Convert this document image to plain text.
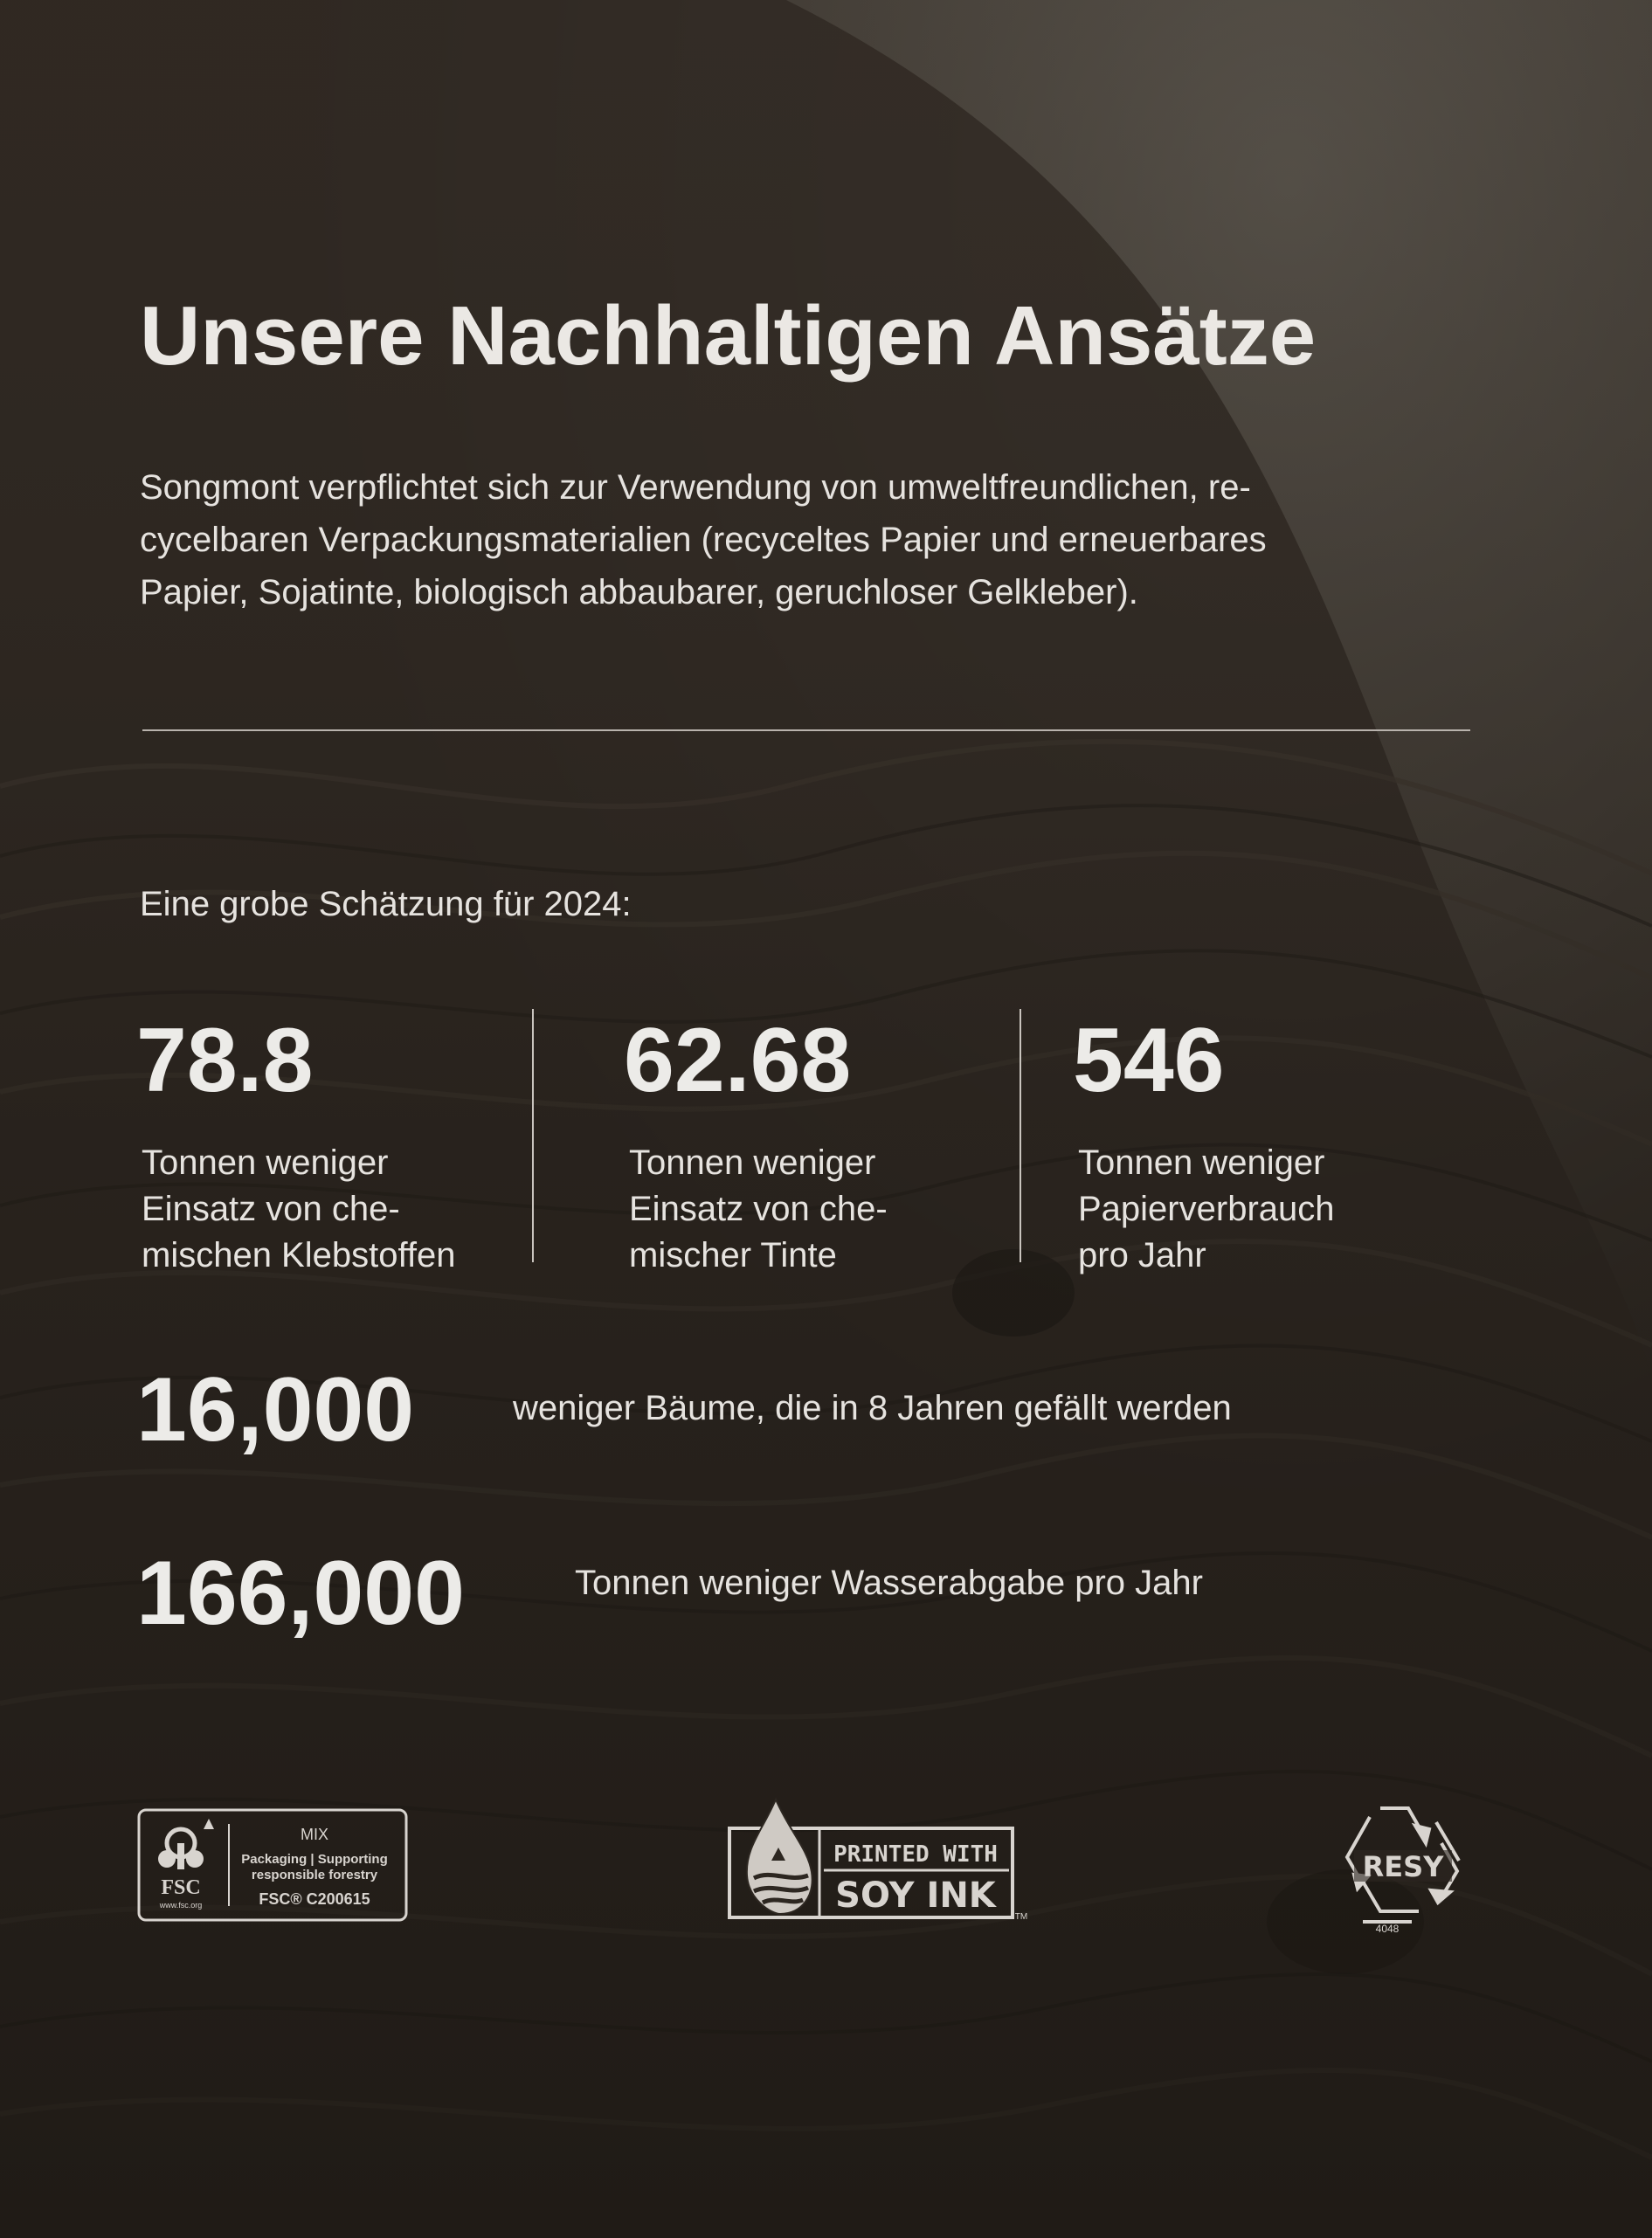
Unsere Nachhaltigen Ansätze
Songmont verpflichtet sich zur Verwendung von umweltfreundlichen, re-
cycelbaren Verpackungsmaterialien (recyceltes Papier und erneuerbares
Papier, Sojatinte, biologisch abbaubarer, geruchloser Gelkleber).
Eine grobe Schätzung für 2024:
78.8
Tonnen weniger
Einsatz von che-
mischen Klebstoffen
62.68
Tonnen weniger
Einsatz von che-
mischer Tinte
546
Tonnen weniger
Papierverbrauch
pro Jahr
16,000	weniger Bäume, die in 8 Jahren gefällt werden
166,000	Tonnen weniger Wasserabgabe pro Jahr
FSC
www.fsc.org
MIX
Packaging | Supporting
responsible forestry
FSC® C200615
PRINTED WITH
SOY INK
TM
RESY
4048
